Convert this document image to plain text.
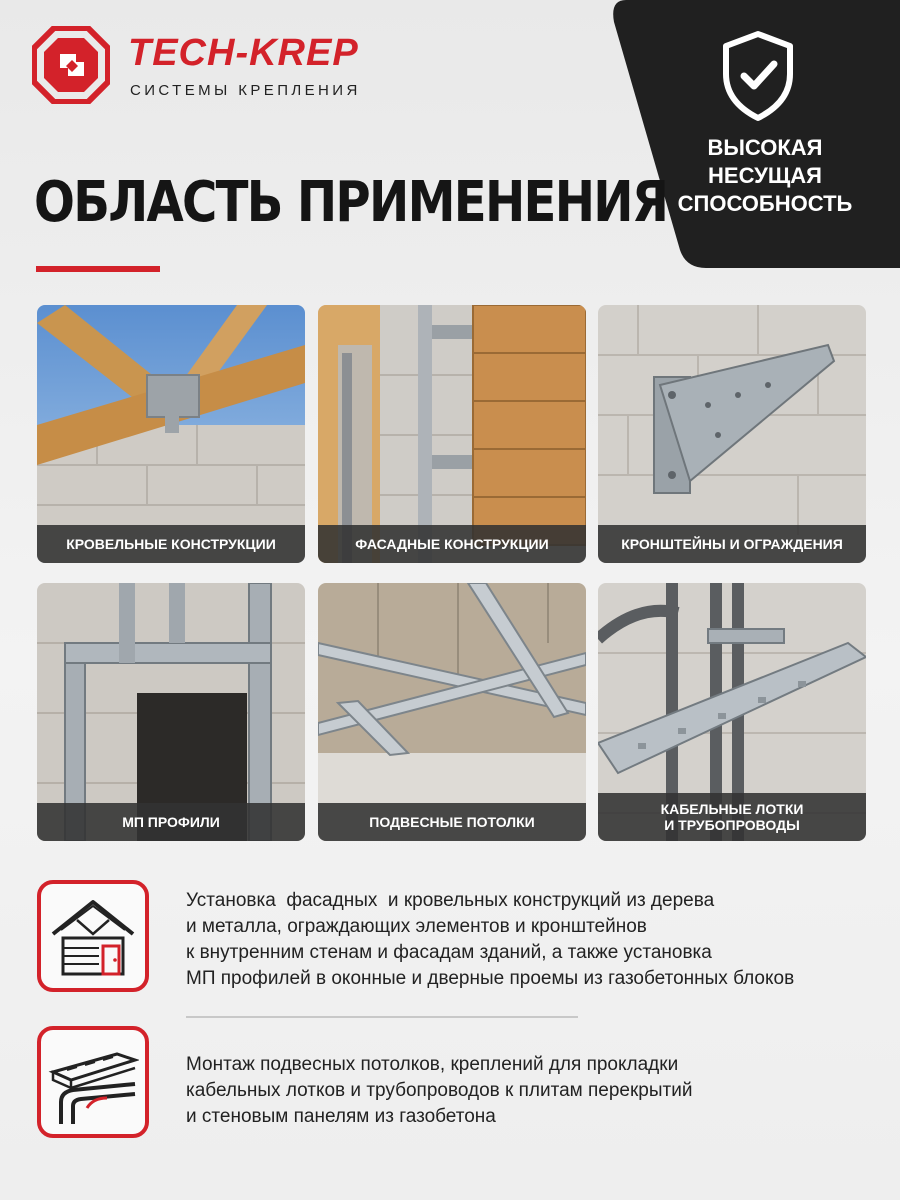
TECH-KREP
СИСТЕМЫ КРЕПЛЕНИЯ
ВЫСОКАЯ
НЕСУЩАЯ
СПОСОБНОСТЬ
ОБЛАСТЬ ПРИМЕНЕНИЯ
КРОВЕЛЬНЫЕ КОНСТРУКЦИИ	ФАСАДНЫЕ КОНСТРУКЦИИ	КРОНШТЕЙНЫ И ОГРАЖДЕНИЯ
МП ПРОФИЛИ	ПОДВЕСНЫЕ ПОТОЛКИ
КАБЕЛЬНЫЕ ЛОТКИ
И ТРУБОПРОВОДЫ
Установка  фасадных  и кровельных конструкций из дерева
и металла, ограждающих элементов и кронштейнов
к внутренним стенам и фасадам зданий, а также установка
МП профилей в оконные и дверные проемы из газобетонных блоков
Монтаж подвесных потолков, креплений для прокладки
кабельных лотков и трубопроводов к плитам перекрытий
и стеновым панелям из газобетона
